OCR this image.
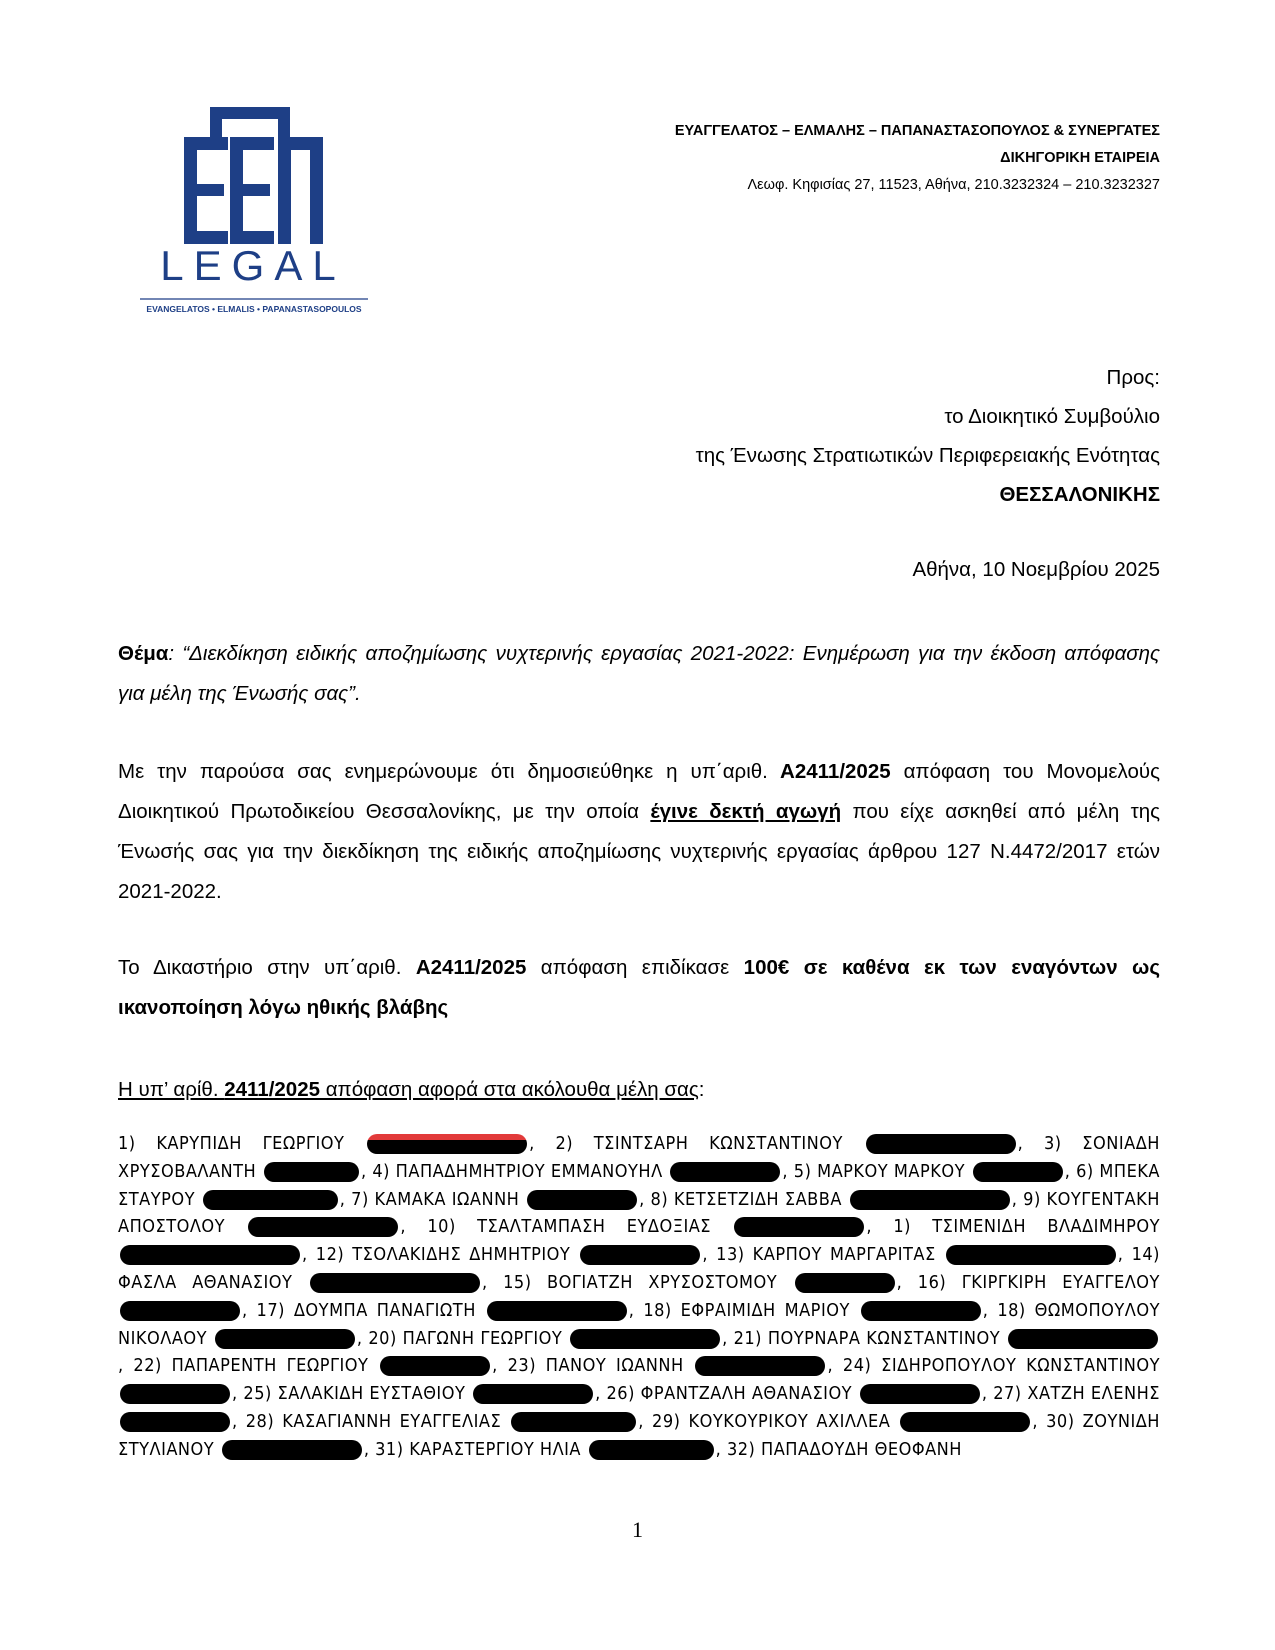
LEGAL
EVANGELATOS • ELMALIS • PAPANASTASOPOULOS
ΕΥΑΓΓΕΛΑΤΟΣ – ΕΛΜΑΛΗΣ – ΠΑΠΑΝΑΣΤΑΣΟΠΟΥΛΟΣ & ΣΥΝΕΡΓΑΤΕΣ
ΔΙΚΗΓΟΡΙΚΗ ΕΤΑΙΡΕΙΑ
Λεωφ. Κηφισίας 27, 11523, Αθήνα, 210.3232324 – 210.3232327
Προς:
το Διοικητικό Συμβούλιο
της Ένωσης Στρατιωτικών Περιφερειακής Ενότητας
ΘΕΣΣΑΛΟΝΙΚΗΣ
Αθήνα, 10 Νοεμβρίου 2025
Θέμα: “Διεκδίκηση ειδικής αποζημίωσης νυχτερινής εργασίας 2021-2022: Ενημέρωση για την έκδοση απόφασης για μέλη της Ένωσής σας”.
Με την παρούσα σας ενημερώνουμε ότι δημοσιεύθηκε η υπ΄αριθ. Α2411/2025 απόφαση του Μονομελούς Διοικητικού Πρωτοδικείου Θεσσαλονίκης, με την οποία έγινε δεκτή αγωγή που είχε ασκηθεί από μέλη της Ένωσής σας για την διεκδίκηση της ειδικής αποζημίωσης νυχτερινής εργασίας άρθρου 127 Ν.4472/2017 ετών 2021-2022.
Το Δικαστήριο στην υπ΄αριθ. Α2411/2025 απόφαση επιδίκασε 100€ σε καθένα εκ των εναγόντων ως ικανοποίηση λόγω ηθικής βλάβης
Η υπ’ αρίθ. 2411/2025 απόφαση αφορά στα ακόλουθα μέλη σας:
1) ΚΑΡΥΠΙΔΗ ΓΕΩΡΓΙΟΥ	, 2) ΤΣΙΝΤΣΑΡΗ ΚΩΝΣΤΑΝΤΙΝΟΥ	, 3) ΣΟΝΙΑΔΗ ΧΡΥΣΟΒΑΛΑΝΤΗ	, 4) ΠΑΠΑΔΗΜΗΤΡΙΟΥ ΕΜΜΑΝΟΥΗΛ	, 5) ΜΑΡΚΟΥ ΜΑΡΚΟΥ	, 6) ΜΠΕΚΑ ΣΤΑΥΡΟΥ	, 7) ΚΑΜΑΚΑ ΙΩΑΝΝΗ	, 8) ΚΕΤΣΕΤΖΙΔΗ ΣΑΒΒΑ	, 9) ΚΟΥΓΕΝΤΑΚΗ ΑΠΟΣΤΟΛΟΥ	, 10) ΤΣΑΛΤΑΜΠΑΣΗ ΕΥΔΟΞΙΑΣ	, 1) ΤΣΙΜΕΝΙΔΗ ΒΛΑΔΙΜΗΡΟΥ , 12) ΤΣΟΛΑΚΙΔΗΣ ΔΗΜΗΤΡΙΟΥ	, 13) ΚΑΡΠΟΥ ΜΑΡΓΑΡΙΤΑΣ	, 14) ΦΑΣΛΑ ΑΘΑΝΑΣΙΟΥ	, 15) ΒΟΓΙΑΤΖΗ ΧΡΥΣΟΣΤΟΜΟΥ	, 16) ΓΚΙΡΓΚΙΡΗ ΕΥΑΓΓΕΛΟΥ , 17) ΔΟΥΜΠΑ ΠΑΝΑΓΙΩΤΗ	, 18) ΕΦΡΑΙΜΙΔΗ ΜΑΡΙΟΥ	, 18) ΘΩΜΟΠΟΥΛΟΥ ΝΙΚΟΛΑΟΥ	, 20) ΠΑΓΩΝΗ ΓΕΩΡΓΙΟΥ	, 21) ΠΟΥΡΝΑΡΑ ΚΩΝΣΤΑΝΤΙΝΟΥ , 22) ΠΑΠΑΡΕΝΤΗ ΓΕΩΡΓΙΟΥ	, 23) ΠΑΝΟΥ ΙΩΑΝΝΗ	, 24) ΣΙΔΗΡΟΠΟΥΛΟΥ ΚΩΝΣΤΑΝΤΙΝΟΥ , 25) ΣΑΛΑΚΙΔΗ ΕΥΣΤΑΘΙΟΥ	, 26) ΦΡΑΝΤΖΑΛΗ ΑΘΑΝΑΣΙΟΥ	, 27) ΧΑΤΖΗ ΕΛΕΝΗΣ , 28) ΚΑΣΑΓΙΑΝΝΗ ΕΥΑΓΓΕΛΙΑΣ	, 29) ΚΟΥΚΟΥΡΙΚΟΥ ΑΧΙΛΛΕΑ	, 30) ΖΟΥΝΙΔΗ ΣΤΥΛΙΑΝΟΥ	, 31) ΚΑΡΑΣΤΕΡΓΙΟΥ ΗΛΙΑ	, 32) ΠΑΠΑΔΟΥΔΗ ΘΕΟΦΑΝΗ
1
